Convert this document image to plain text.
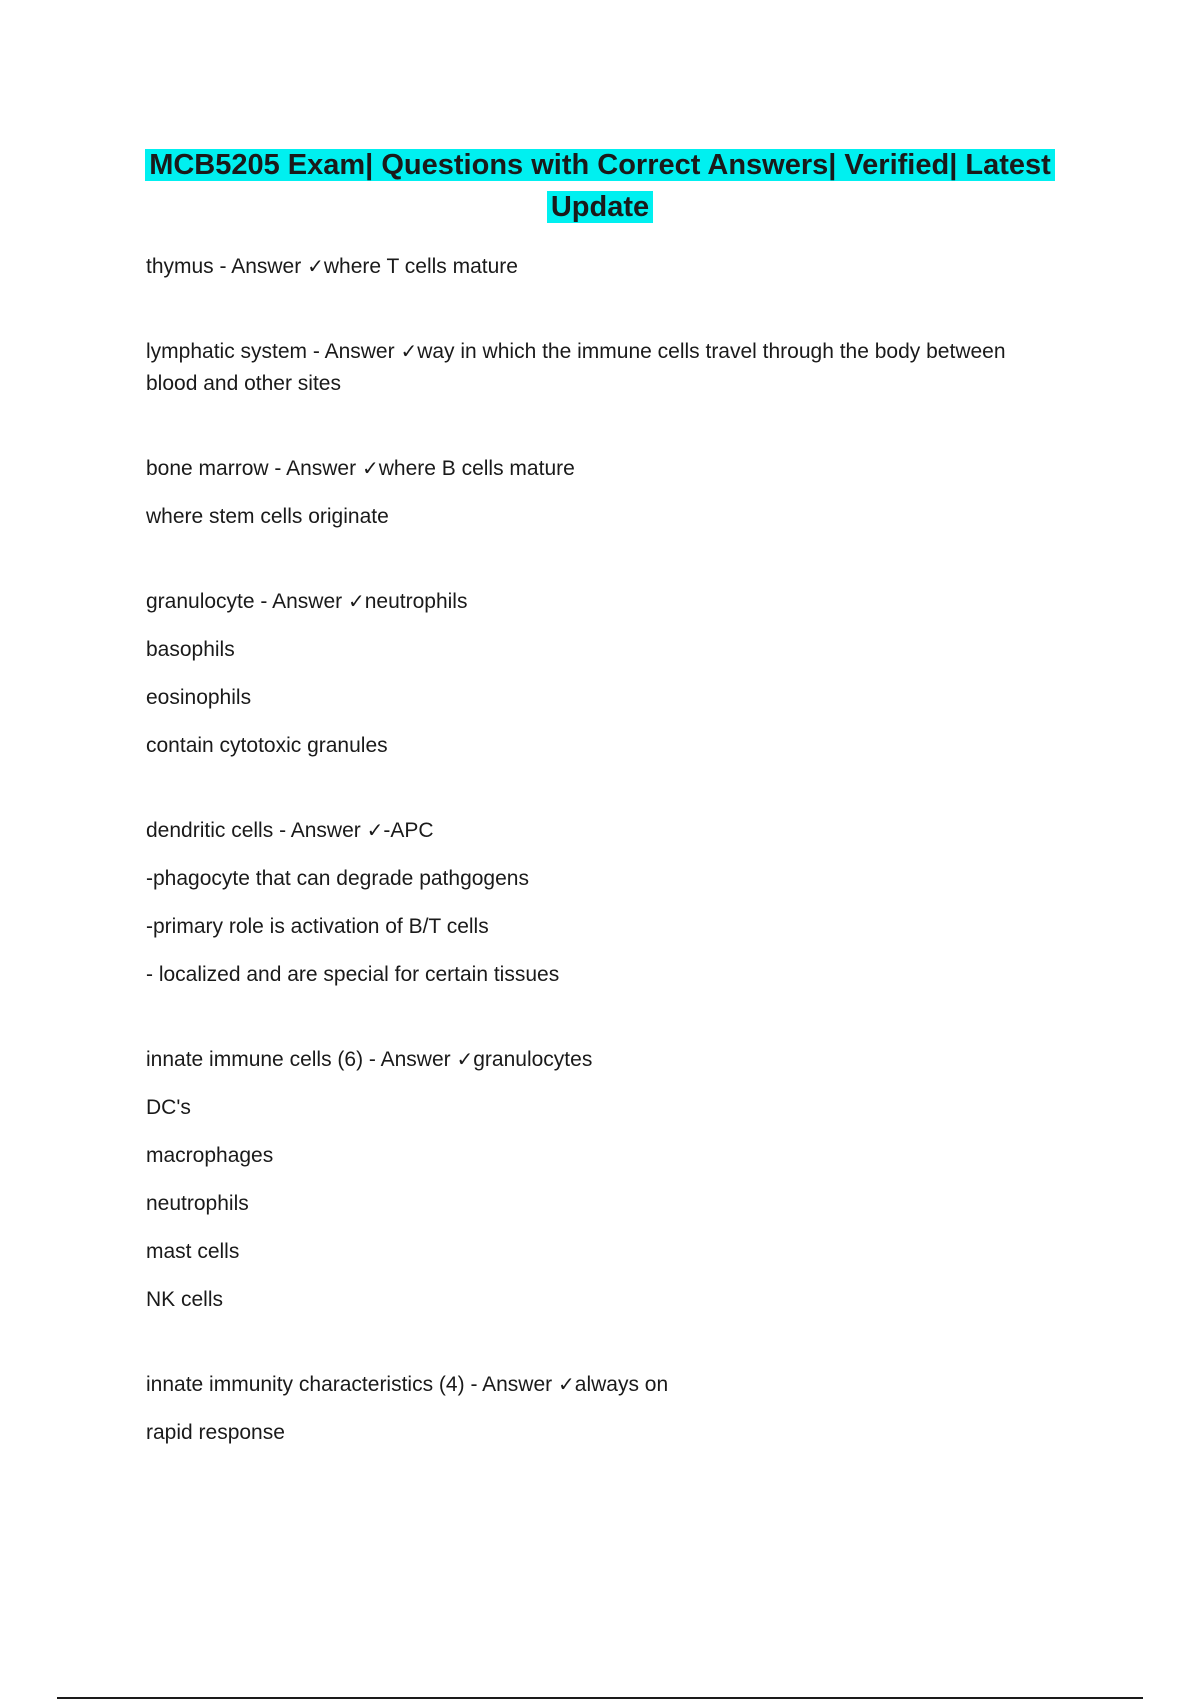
MCB5205 Exam| Questions with Correct Answers| Verified| Latest Update
thymus - Answer ✓where T cells mature
lymphatic system - Answer ✓way in which the immune cells travel through the body between blood and other sites
bone marrow - Answer ✓where B cells mature
where stem cells originate
granulocyte - Answer ✓neutrophils
basophils
eosinophils
contain cytotoxic granules
dendritic cells - Answer ✓-APC
-phagocyte that can degrade pathgogens
-primary role is activation of B/T cells
- localized and are special for certain tissues
innate immune cells (6) - Answer ✓granulocytes
DC's
macrophages
neutrophils
mast cells
NK cells
innate immunity characteristics (4) - Answer ✓always on
rapid response
